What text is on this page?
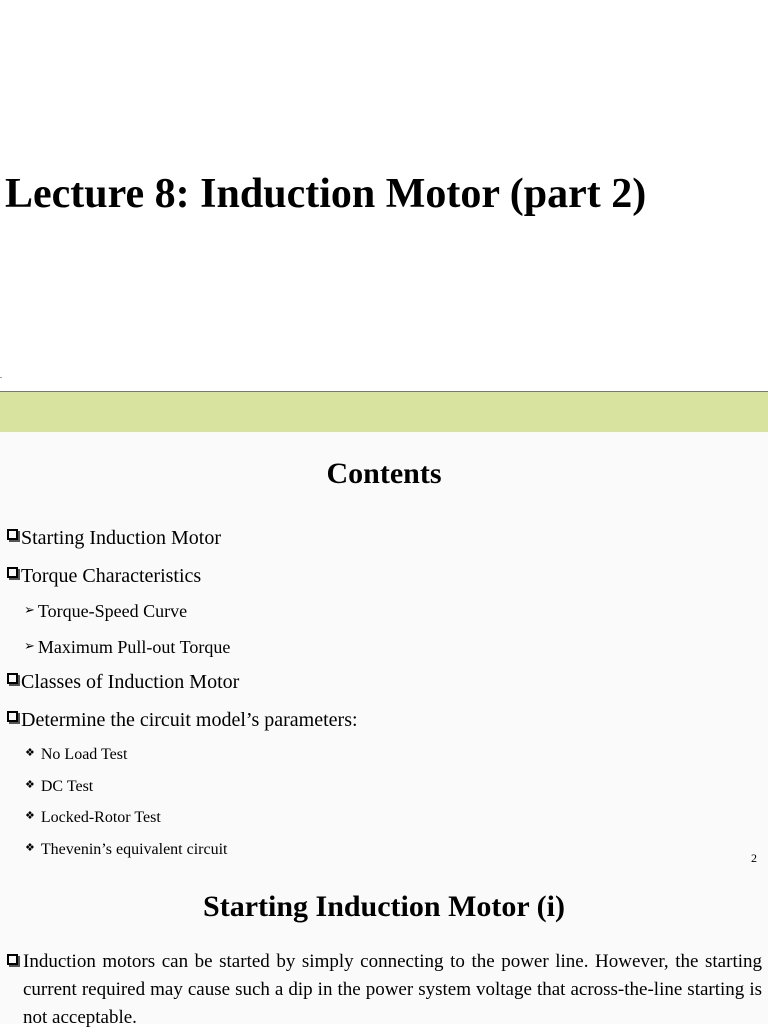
Lecture 8: Induction Motor (part 2)
.
Contents
Starting Induction Motor
Torque Characteristics
➢ Torque-Speed Curve
➢ Maximum Pull-out Torque
Classes of Induction Motor
Determine the circuit model’s parameters:
❖ No Load Test
❖ DC Test
❖ Locked-Rotor Test
❖ Thevenin’s equivalent circuit	2
Starting Induction Motor (i)
Induction motors can be started by simply connecting to the power line. However, the starting current required may cause such a dip in the power system voltage that across-the-line starting is not acceptable.
